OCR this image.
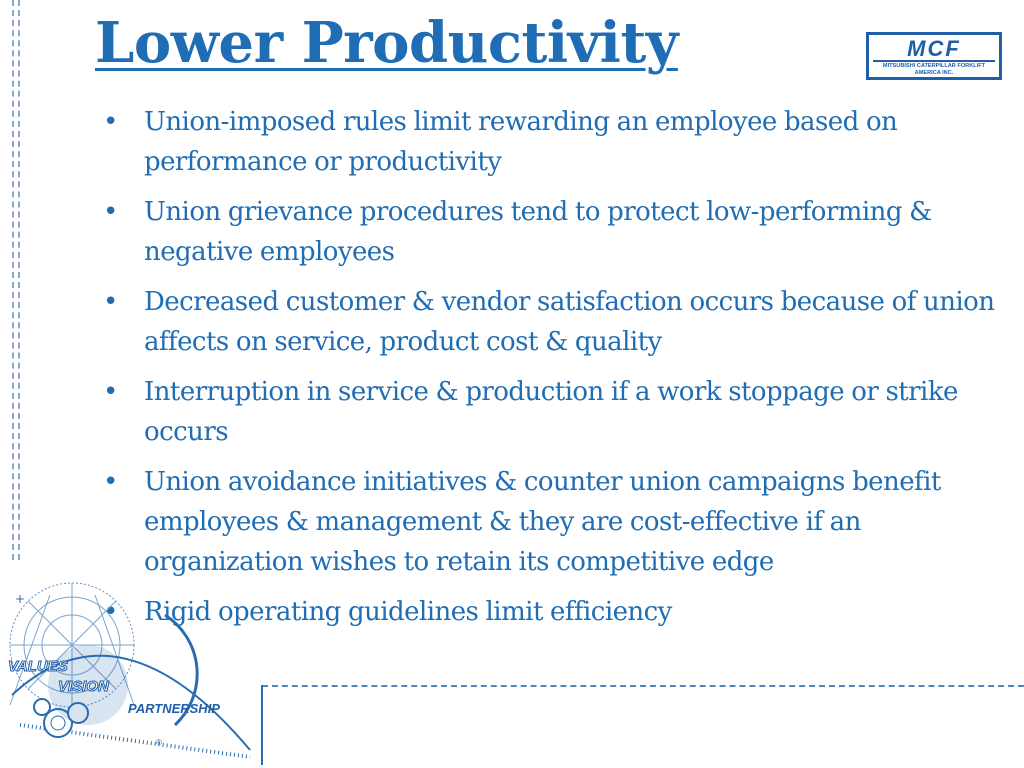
Lower Productivity	MCF
MITSUBISHI CATERPILLAR FORKLIFT
AMERICA INC.
• Union-imposed rules limit rewarding an employee based on performance or productivity
• Union grievance procedures tend to protect low-performing & negative employees
• Decreased customer & vendor satisfaction occurs because of union affects on service, product cost & quality
• Interruption in service & production if a work stoppage or strike occurs
• Union avoidance initiatives & counter union campaigns benefit employees & management & they are cost-effective if an organization wishes to retain its competitive edge
• Rigid operating guidelines limit efficiency
+
VALUES
VISION
PARTNERSHIP
®
